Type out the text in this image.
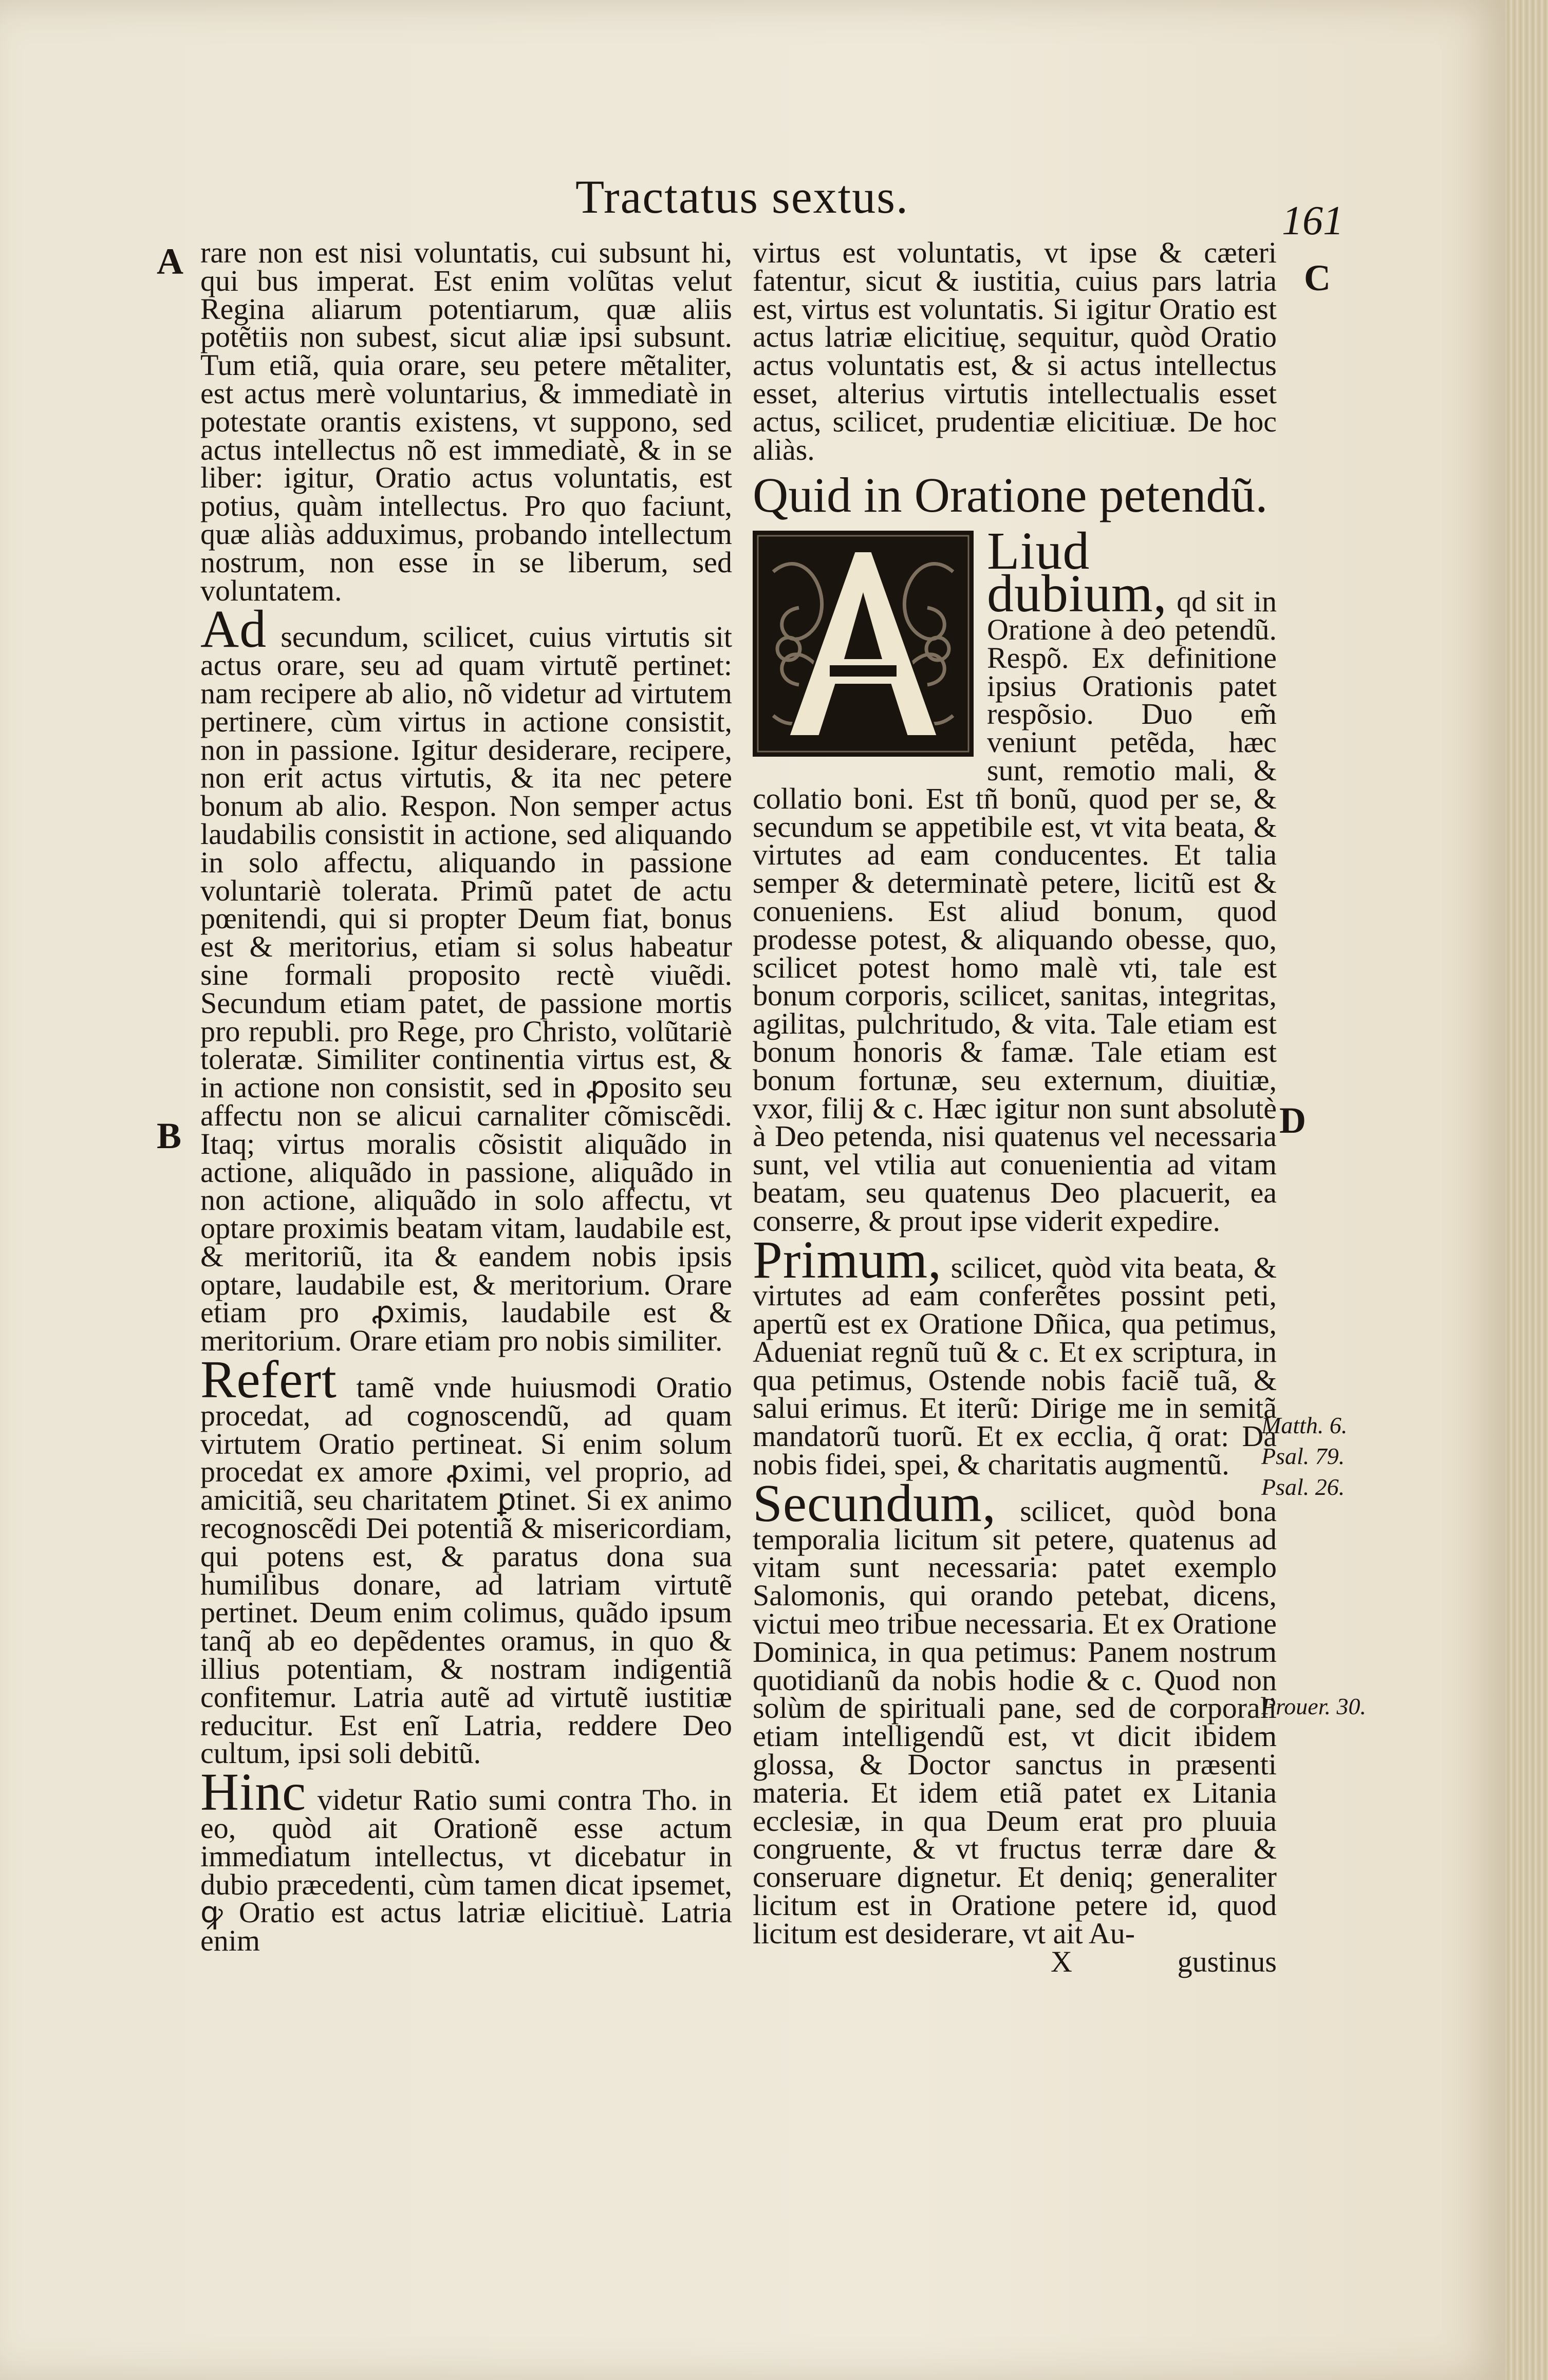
Tractatus sextus.	161
A
B
C
D
Matth. 6.
Psal. 79.
Psal. 26.
Prouer. 30.

rare non est nisi voluntatis, cui subsunt hi, qui bus imperat. Est enim volũtas velut Regina aliarum potentiarum, quæ aliis potẽtiis non subest, sicut aliæ ipsi subsunt. Tum etiã, quia orare, seu petere mẽtaliter, est actus merè voluntarius, & immediatè in potestate orantis existens, vt suppono, sed actus intellectus nõ est immediatè, & in se liber: igitur, Oratio actus voluntatis, est potius, quàm intellectus. Pro quo faciunt, quæ aliàs adduximus, probando intellectum nostrum, non esse in se liberum, sed voluntatem.

Ad secundum, scilicet, cuius virtutis sit actus orare, seu ad quam virtutẽ pertinet: nam recipere ab alio, nõ videtur ad virtutem pertinere, cùm virtus in actione consistit, non in passione. Igitur desiderare, recipere, non erit actus virtutis, & ita nec petere bonum ab alio. Respon. Non semper actus laudabilis consistit in actione, sed aliquando in solo affectu, aliquando in passione voluntariè tolerata. Primũ patet de actu pœnitendi, qui si propter Deum fiat, bonus est & meritorius, etiam si solus habeatur sine formali proposito rectè viuẽdi. Secundum etiam patet, de passione mortis pro republi. pro Rege, pro Christo, volũtariè toleratæ. Similiter continentia virtus est, & in actione non consistit, sed in ꝓposito seu affectu non se alicui carnaliter cõmiscẽdi. Itaq; virtus moralis cõsistit aliquãdo in actione, aliquãdo in passione, aliquãdo in non actione, aliquãdo in solo affectu, vt optare proximis beatam vitam, laudabile est, & meritoriũ, ita & eandem nobis ipsis optare, laudabile est, & meritorium. Orare etiam pro ꝓximis, laudabile est & meritorium. Orare etiam pro nobis similiter.

Refert tamẽ vnde huiusmodi Oratio procedat, ad cognoscendũ, ad quam virtutem Oratio pertineat. Si enim solum procedat ex amore ꝓximi, vel proprio, ad amicitiã, seu charitatem ꝑtinet. Si ex animo recognoscẽdi Dei potentiã & misericordiam, qui potens est, & paratus dona sua humilibus donare, ad latriam virtutẽ pertinet. Deum enim colimus, quãdo ipsum tanq̃ ab eo depẽdentes oramus, in quo & illius potentiam, & nostram indigentiã confitemur. Latria autẽ ad virtutẽ iustitiæ reducitur. Est enĩ Latria, reddere Deo cultum, ipsi soli debitũ.

Hinc videtur Ratio sumi contra Tho. in eo, quòd ait Orationẽ esse actum immediatum intellectus, vt dicebatur in dubio præcedenti, cùm tamen dicat ipsemet, ꝙ Oratio est actus latriæ elicitiuè. Latria enim

virtus est voluntatis, vt ipse & cæteri fatentur, sicut & iustitia, cuius pars latria est, virtus est voluntatis. Si igitur Oratio est actus latriæ elicitiuę, sequitur, quòd Oratio actus voluntatis est, & si actus intellectus esset, alterius virtutis intellectualis esset actus, scilicet, prudentiæ elicitiuæ. De hoc aliàs.

Quid in Oratione petendũ.

Liud dubium, qd sit in Oratione à deo petendũ. Respõ. Ex definitione ipsius Orationis patet respõsio. Duo em̃ veniunt petẽda, hæc sunt, remotio mali, & collatio boni. Est tñ bonũ, quod per se, & secundum se appetibile est, vt vita beata, & virtutes ad eam conducentes. Et talia semper & determinatè petere, licitũ est & conueniens. Est aliud bonum, quod prodesse potest, & aliquando obesse, quo, scilicet potest homo malè vti, tale est bonum corporis, scilicet, sanitas, integritas, agilitas, pulchritudo, & vita. Tale etiam est bonum honoris & famæ. Tale etiam est bonum fortunæ, seu externum, diuitiæ, vxor, filij & c. Hæc igitur non sunt absolutè à Deo petenda, nisi quatenus vel necessaria sunt, vel vtilia aut conuenientia ad vitam beatam, seu quatenus Deo placuerit, ea conserre, & prout ipse viderit expedire.

Primum, scilicet, quòd vita beata, & virtutes ad eam conferẽtes possint peti, apertũ est ex Oratione Dñica, qua petimus, Adueniat regnũ tuũ & c. Et ex scriptura, in qua petimus, Ostende nobis faciẽ tuã, & salui erimus. Et iterũ: Dirige me in semitã mandatorũ tuorũ. Et ex ecclia, q̃ orat: Da nobis fidei, spei, & charitatis augmentũ.

Secundum, scilicet, quòd bona temporalia licitum sit petere, quatenus ad vitam sunt necessaria: patet exemplo Salomonis, qui orando petebat, dicens, victui meo tribue necessaria. Et ex Oratione Dominica, in qua petimus: Panem nostrum quotidianũ da nobis hodie & c. Quod non solùm de spirituali pane, sed de corporali etiam intelligendũ est, vt dicit ibidem glossa, & Doctor sanctus in præsenti materia. Et idem etiã patet ex Litania ecclesiæ, in qua Deum erat pro pluuia congruente, & vt fructus terræ dare & conseruare dignetur. Et deniq; generaliter licitum est in Oratione petere id, quod licitum est desiderare, vt ait Au-

X	gustinus
